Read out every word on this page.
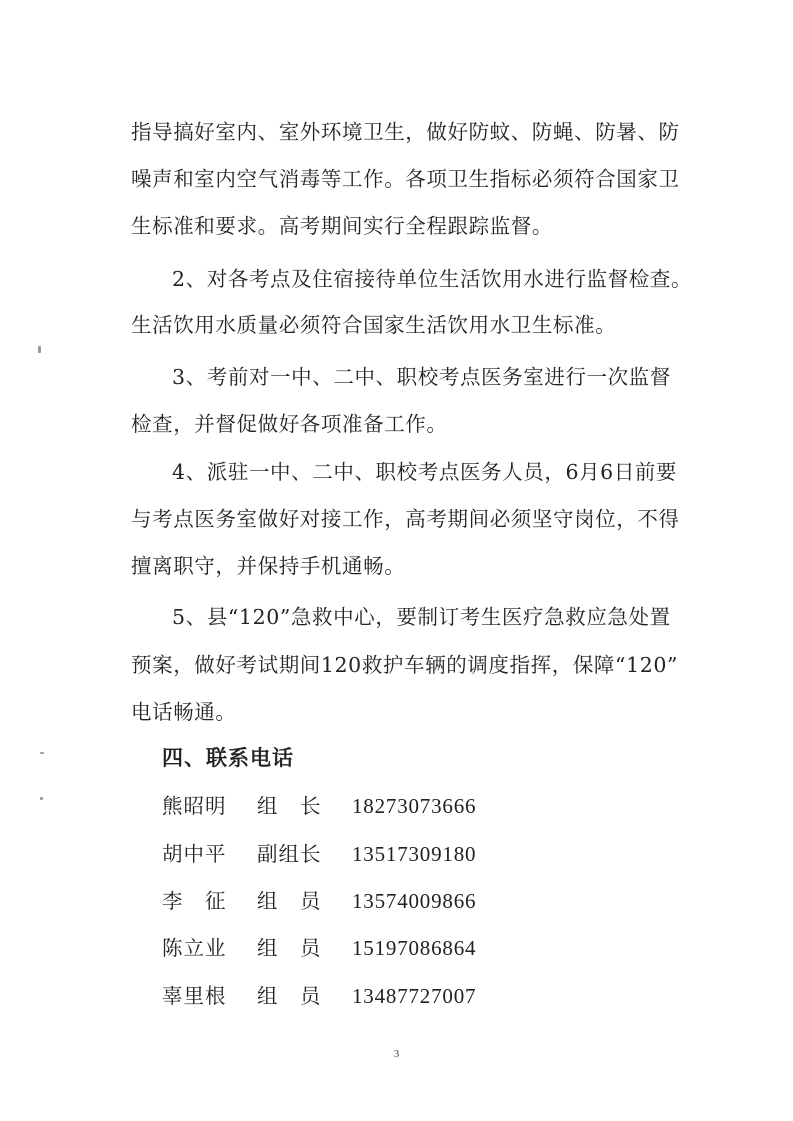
指导搞好室内、室外环境卫生，做好防蚊、防蝇、防暑、防
噪声和室内空气消毒等工作。各项卫生指标必须符合国家卫
生标准和要求。高考期间实行全程跟踪监督。
2、对各考点及住宿接待单位生活饮用水进行监督检查。
生活饮用水质量必须符合国家生活饮用水卫生标准。
3、考前对一中、二中、职校考点医务室进行一次监督
检查，并督促做好各项准备工作。
4、派驻一中、二中、职校考点医务人员，6月6日前要
与考点医务室做好对接工作，高考期间必须坚守岗位，不得
擅离职守，并保持手机通畅。
5、县“120”急救中心，要制订考生医疗急救应急处置
预案，做好考试期间120救护车辆的调度指挥，保障“120”
电话畅通。
四、联系电话
熊昭明 组　长 18273073666
胡中平 副组长 13517309180
李　征 组　员 13574009866
陈立业 组　员 15197086864
辜里根 组　员 13487727007
3
